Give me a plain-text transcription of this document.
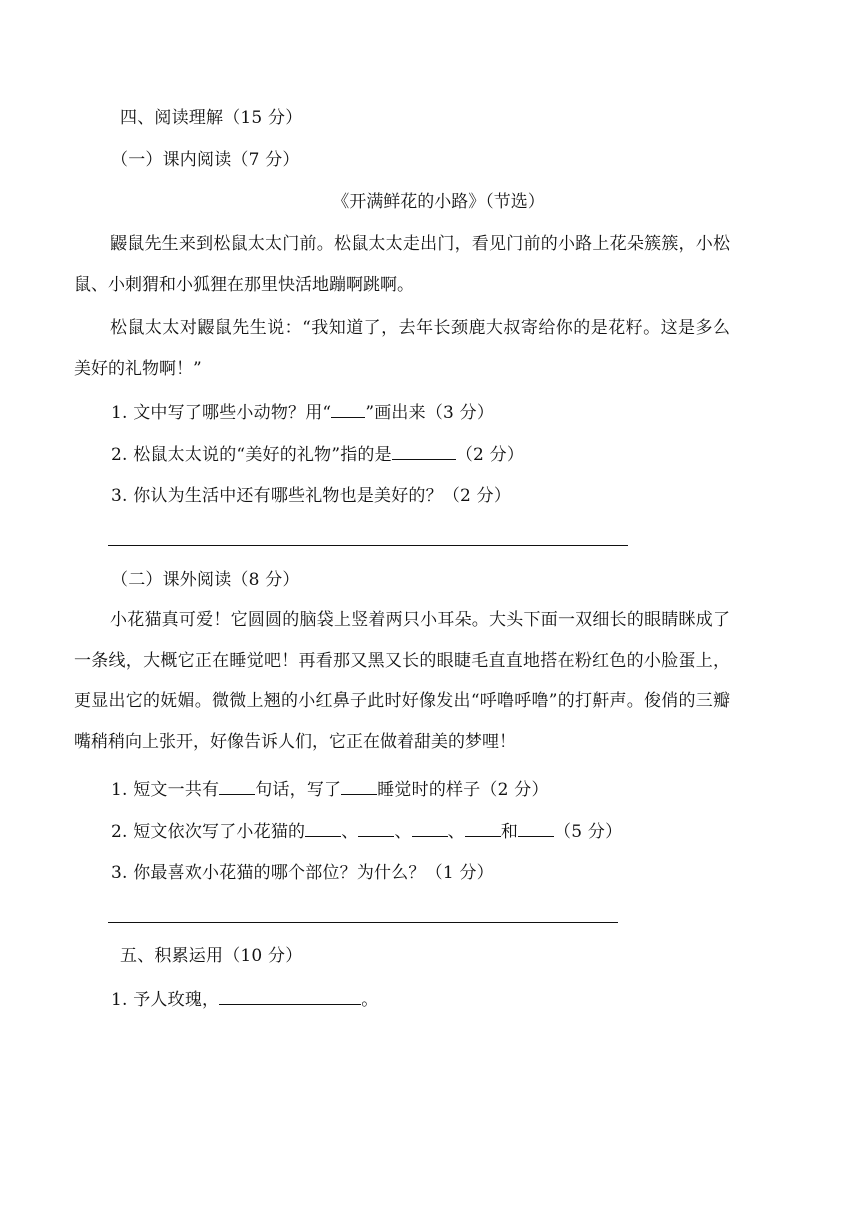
四、阅读理解（15 分）
（一）课内阅读（7 分）
《开满鲜花的小路》（节选）
鼹鼠先生来到松鼠太太门前。松鼠太太走出门，看见门前的小路上花朵簇簇，小松鼠、小刺猬和小狐狸在那里快活地蹦啊跳啊。
松鼠太太对鼹鼠先生说：“我知道了，去年长颈鹿大叔寄给你的是花籽。这是多么美好的礼物啊！”
1. 文中写了哪些小动物？用“ ”画出来（3 分）
2. 松鼠太太说的“美好的礼物”指的是	（2 分）
3. 你认为生活中还有哪些礼物也是美好的？（2 分）
（二）课外阅读（8 分）
小花猫真可爱！它圆圆的脑袋上竖着两只小耳朵。大头下面一双细长的眼睛眯成了一条线，大概它正在睡觉吧！再看那又黑又长的眼睫毛直直地搭在粉红色的小脸蛋上，更显出它的妩媚。微微上翘的小红鼻子此时好像发出“呼噜呼噜”的打鼾声。俊俏的三瓣嘴稍稍向上张开，好像告诉人们，它正在做着甜美的梦哩！
1. 短文一共有 句话，写了 睡觉时的样子（2 分）
2. 短文依次写了小花猫的 、 、 、 和 （5 分）
3. 你最喜欢小花猫的哪个部位？为什么？（1 分）
五、积累运用（10 分）
1. 予人玫瑰，	。
